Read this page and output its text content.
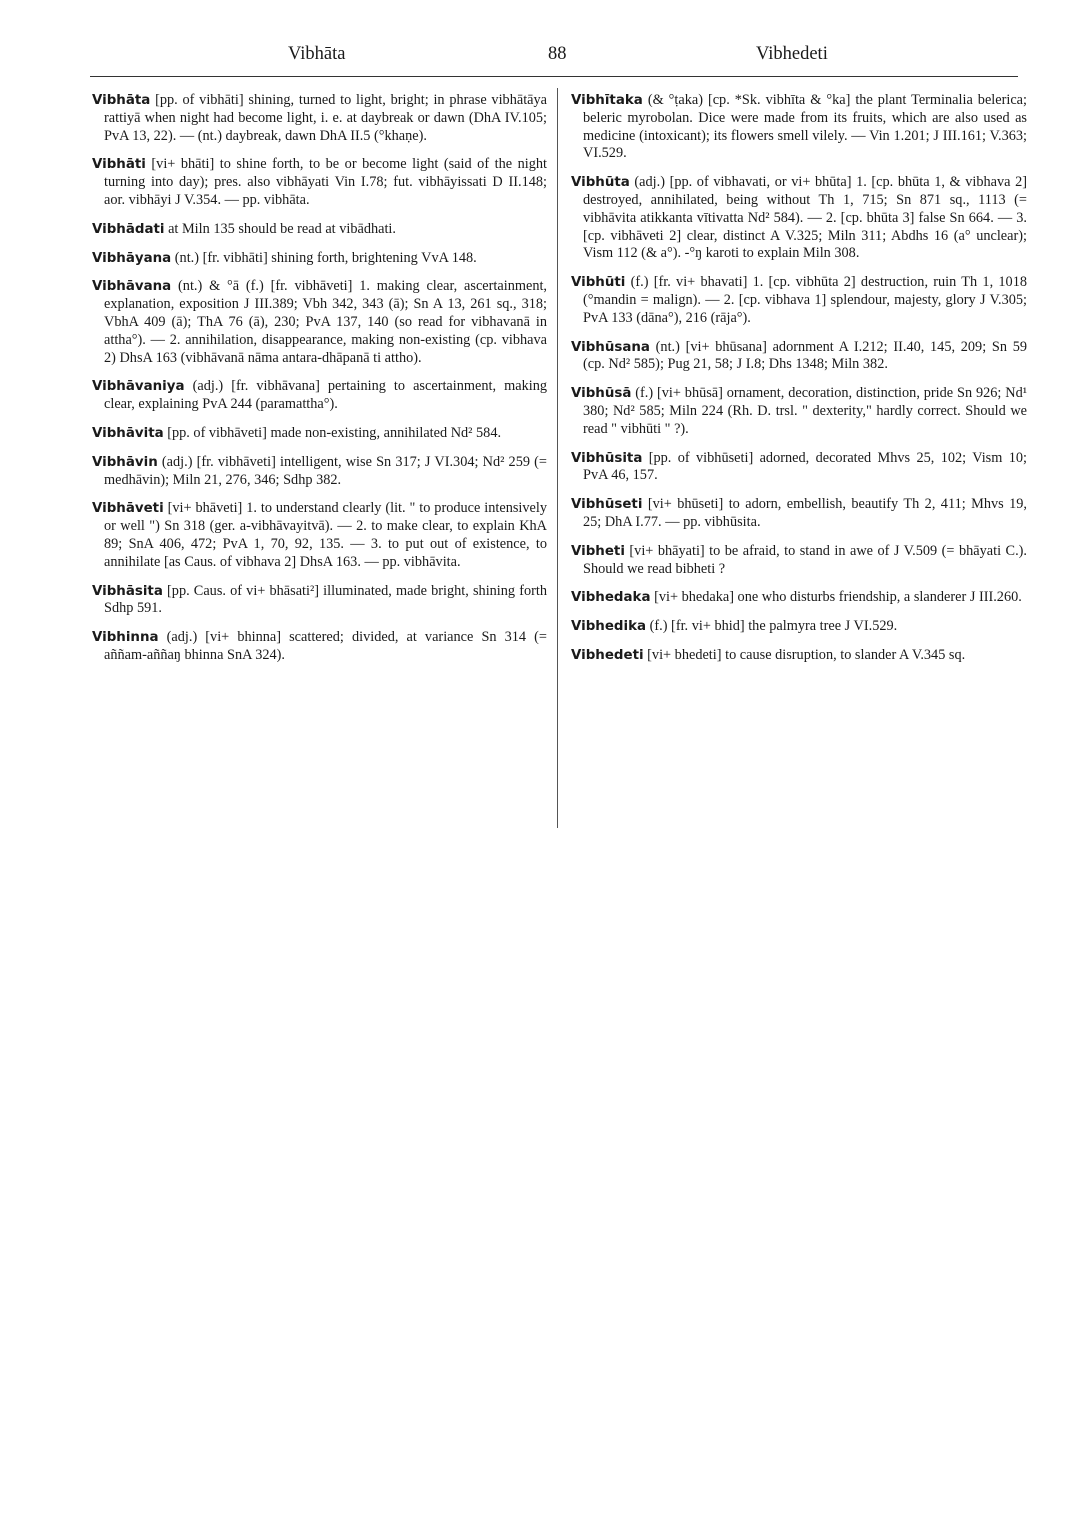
Vibhāta	88	Vibhedeti

Vibhāta [pp. of vibhāti] shining, turned to light, bright; in phrase vibhātāya rattiyā when night had become light, i. e. at daybreak or dawn (DhA IV.105; PvA 13, 22). — (nt.) daybreak, dawn DhA II.5 (°khaṇe).

Vibhāti [vi+ bhāti] to shine forth, to be or become light (said of the night turning into day); pres. also vibhāyati Vin I.78; fut. vibhāyissati D II.148; aor. vibhāyi J V.354. — pp. vibhāta.

Vibhādati at Miln 135 should be read at vibādhati.

Vibhāyana (nt.) [fr. vibhāti] shining forth, brightening VvA 148.

Vibhāvana (nt.) & °ā (f.) [fr. vibhāveti] 1. making clear, ascertainment, explanation, exposition J III.389; Vbh 342, 343 (ā); Sn A 13, 261 sq., 318; VbhA 409 (ā); ThA 76 (ā), 230; PvA 137, 140 (so read for vibhavanā in attha°). — 2. annihilation, disappearance, making non-existing (cp. vibhava 2) DhsA 163 (vibhāvanā nāma antara-dhāpanā ti attho).

Vibhāvaniya (adj.) [fr. vibhāvana] pertaining to ascertainment, making clear, explaining PvA 244 (paramattha°).

Vibhāvita [pp. of vibhāveti] made non-existing, annihilated Nd² 584.

Vibhāvin (adj.) [fr. vibhāveti] intelligent, wise Sn 317; J VI.304; Nd² 259 (= medhāvin); Miln 21, 276, 346; Sdhp 382.

Vibhāveti [vi+ bhāveti] 1. to understand clearly (lit. " to produce intensively or well ") Sn 318 (ger. a-vibhāvayitvā). — 2. to make clear, to explain KhA 89; SnA 406, 472; PvA 1, 70, 92, 135. — 3. to put out of existence, to annihilate [as Caus. of vibhava 2] DhsA 163. — pp. vibhāvita.

Vibhāsita [pp. Caus. of vi+ bhāsati²] illuminated, made bright, shining forth Sdhp 591.

Vibhinna (adj.) [vi+ bhinna] scattered; divided, at variance Sn 314 (= aññam-aññaŋ bhinna SnA 324).

Vibhītaka (& °ṭaka) [cp. *Sk. vibhīta & °ka] the plant Terminalia belerica; beleric myrobolan. Dice were made from its fruits, which are also used as medicine (intoxicant); its flowers smell vilely. — Vin 1.201; J III.161; V.363; VI.529.

Vibhūta (adj.) [pp. of vibhavati, or vi+ bhūta] 1. [cp. bhūta 1, & vibhava 2] destroyed, annihilated, being without Th 1, 715; Sn 871 sq., 1113 (= vibhāvita atikkanta vītivatta Nd² 584). — 2. [cp. bhūta 3] false Sn 664. — 3. [cp. vibhāveti 2] clear, distinct A V.325; Miln 311; Abdhs 16 (a° unclear); Vism 112 (& a°). -°ŋ karoti to explain Miln 308.

Vibhūti (f.) [fr. vi+ bhavati] 1. [cp. vibhūta 2] destruction, ruin Th 1, 1018 (°mandin = malign). — 2. [cp. vibhava 1] splendour, majesty, glory J V.305; PvA 133 (dāna°), 216 (rāja°).

Vibhūsana (nt.) [vi+ bhūsana] adornment A I.212; II.40, 145, 209; Sn 59 (cp. Nd² 585); Pug 21, 58; J I.8; Dhs 1348; Miln 382.

Vibhūsā (f.) [vi+ bhūsā] ornament, decoration, distinction, pride Sn 926; Nd¹ 380; Nd² 585; Miln 224 (Rh. D. trsl. " dexterity," hardly correct. Should we read " vibhūti " ?).

Vibhūsita [pp. of vibhūseti] adorned, decorated Mhvs 25, 102; Vism 10; PvA 46, 157.

Vibhūseti [vi+ bhūseti] to adorn, embellish, beautify Th 2, 411; Mhvs 19, 25; DhA I.77. — pp. vibhūsita.

Vibheti [vi+ bhāyati] to be afraid, to stand in awe of J V.509 (= bhāyati C.). Should we read bibheti ?

Vibhedaka [vi+ bhedaka] one who disturbs friendship, a slanderer J III.260.

Vibhedika (f.) [fr. vi+ bhid] the palmyra tree J VI.529.

Vibhedeti [vi+ bhedeti] to cause disruption, to slander A V.345 sq.
